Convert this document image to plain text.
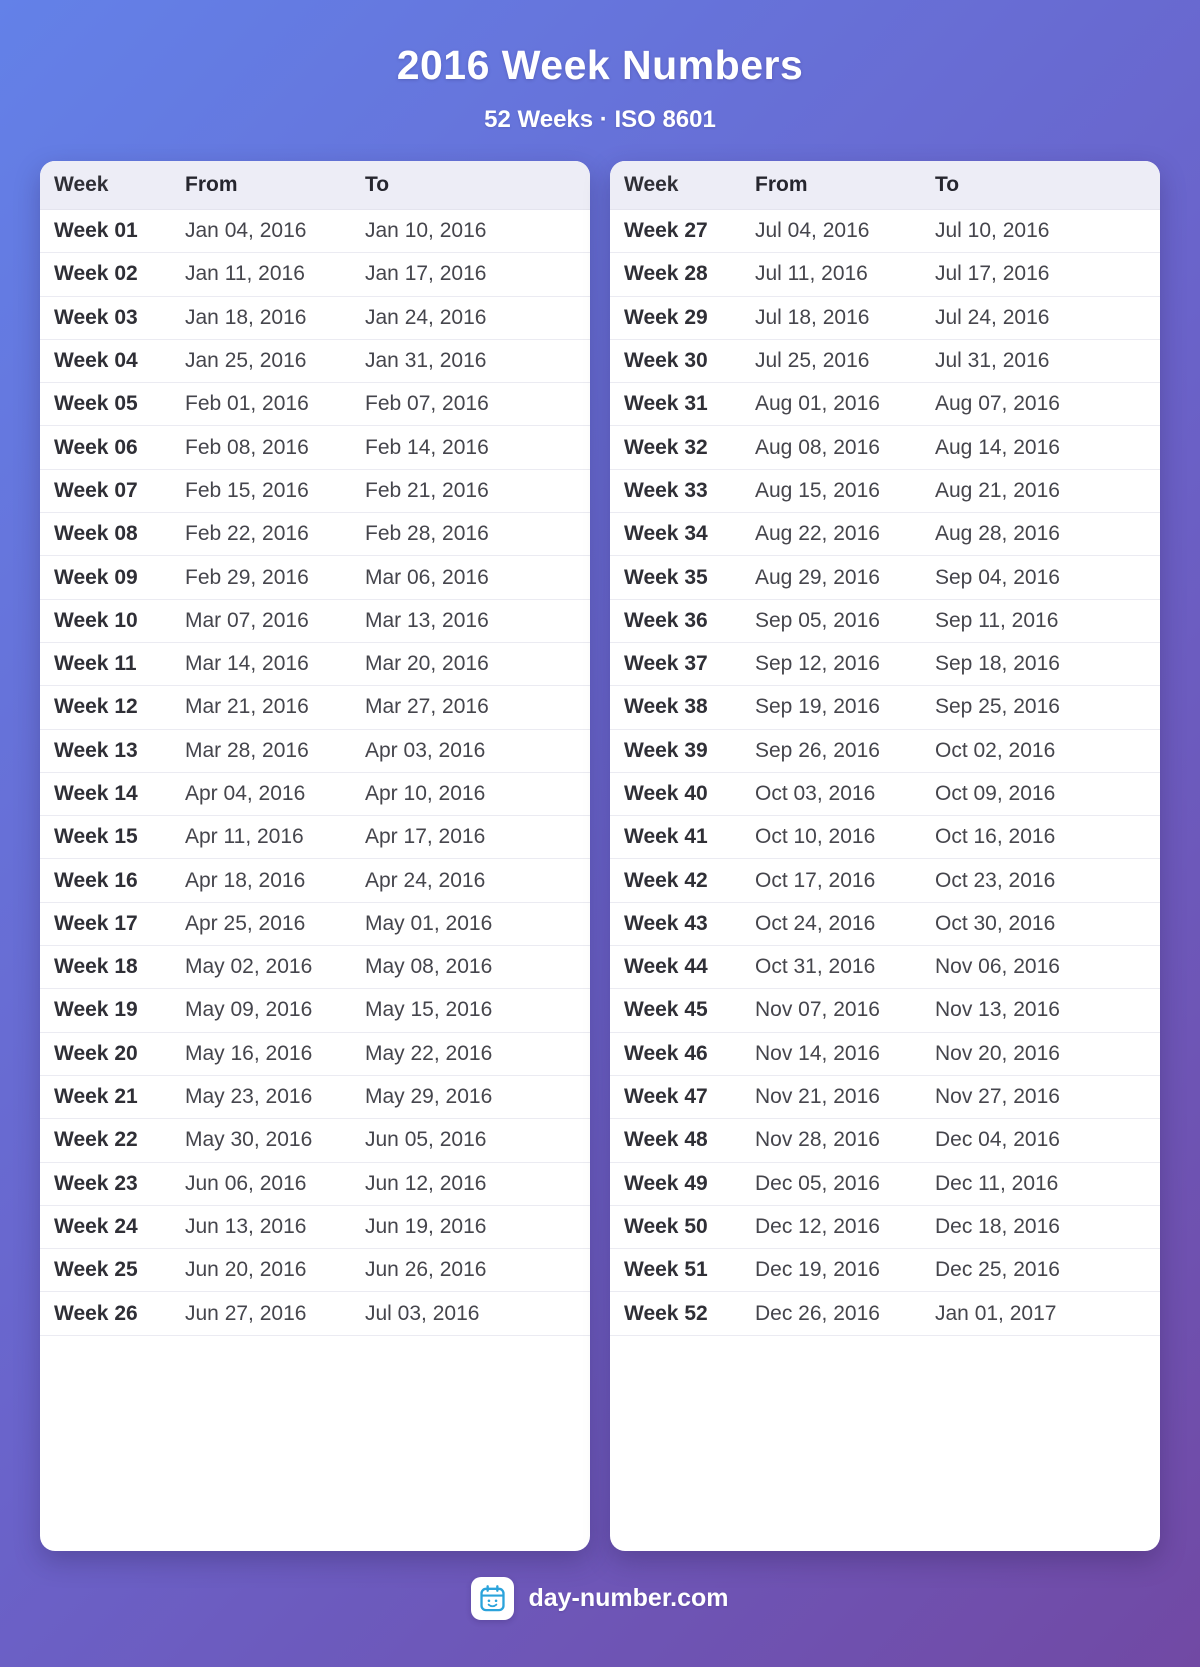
2016 Week Numbers
52 Weeks · ISO 8601
Week	From	To
Week 01	Jan 04, 2016	Jan 10, 2016
Week 02	Jan 11, 2016	Jan 17, 2016
Week 03	Jan 18, 2016	Jan 24, 2016
Week 04	Jan 25, 2016	Jan 31, 2016
Week 05	Feb 01, 2016	Feb 07, 2016
Week 06	Feb 08, 2016	Feb 14, 2016
Week 07	Feb 15, 2016	Feb 21, 2016
Week 08	Feb 22, 2016	Feb 28, 2016
Week 09	Feb 29, 2016	Mar 06, 2016
Week 10	Mar 07, 2016	Mar 13, 2016
Week 11	Mar 14, 2016	Mar 20, 2016
Week 12	Mar 21, 2016	Mar 27, 2016
Week 13	Mar 28, 2016	Apr 03, 2016
Week 14	Apr 04, 2016	Apr 10, 2016
Week 15	Apr 11, 2016	Apr 17, 2016
Week 16	Apr 18, 2016	Apr 24, 2016
Week 17	Apr 25, 2016	May 01, 2016
Week 18	May 02, 2016	May 08, 2016
Week 19	May 09, 2016	May 15, 2016
Week 20	May 16, 2016	May 22, 2016
Week 21	May 23, 2016	May 29, 2016
Week 22	May 30, 2016	Jun 05, 2016
Week 23	Jun 06, 2016	Jun 12, 2016
Week 24	Jun 13, 2016	Jun 19, 2016
Week 25	Jun 20, 2016	Jun 26, 2016
Week 26	Jun 27, 2016	Jul 03, 2016
Week	From	To
Week 27	Jul 04, 2016	Jul 10, 2016
Week 28	Jul 11, 2016	Jul 17, 2016
Week 29	Jul 18, 2016	Jul 24, 2016
Week 30	Jul 25, 2016	Jul 31, 2016
Week 31	Aug 01, 2016	Aug 07, 2016
Week 32	Aug 08, 2016	Aug 14, 2016
Week 33	Aug 15, 2016	Aug 21, 2016
Week 34	Aug 22, 2016	Aug 28, 2016
Week 35	Aug 29, 2016	Sep 04, 2016
Week 36	Sep 05, 2016	Sep 11, 2016
Week 37	Sep 12, 2016	Sep 18, 2016
Week 38	Sep 19, 2016	Sep 25, 2016
Week 39	Sep 26, 2016	Oct 02, 2016
Week 40	Oct 03, 2016	Oct 09, 2016
Week 41	Oct 10, 2016	Oct 16, 2016
Week 42	Oct 17, 2016	Oct 23, 2016
Week 43	Oct 24, 2016	Oct 30, 2016
Week 44	Oct 31, 2016	Nov 06, 2016
Week 45	Nov 07, 2016	Nov 13, 2016
Week 46	Nov 14, 2016	Nov 20, 2016
Week 47	Nov 21, 2016	Nov 27, 2016
Week 48	Nov 28, 2016	Dec 04, 2016
Week 49	Dec 05, 2016	Dec 11, 2016
Week 50	Dec 12, 2016	Dec 18, 2016
Week 51	Dec 19, 2016	Dec 25, 2016
Week 52	Dec 26, 2016	Jan 01, 2017
day-number.com
